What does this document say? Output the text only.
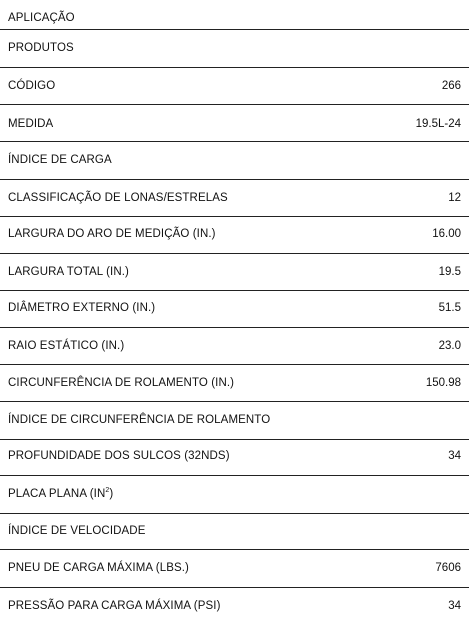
APLICAÇÃO
PRODUTOS
CÓDIGO	266
MEDIDA	19.5L-24
ÍNDICE DE CARGA
CLASSIFICAÇÃO DE LONAS/ESTRELAS	12
LARGURA DO ARO DE MEDIÇÃO (IN.)	16.00
LARGURA TOTAL (IN.)	19.5
DIÂMETRO EXTERNO (IN.)	51.5
RAIO ESTÁTICO (IN.)	23.0
CIRCUNFERÊNCIA DE ROLAMENTO (IN.)	150.98
ÍNDICE DE CIRCUNFERÊNCIA DE ROLAMENTO
PROFUNDIDADE DOS SULCOS (32NDS)	34
PLACA PLANA $(IN^2)$
ÍNDICE DE VELOCIDADE
PNEU DE CARGA MÁXIMA (LBS.)	7606
PRESSÃO PARA CARGA MÁXIMA (PSI)	34
